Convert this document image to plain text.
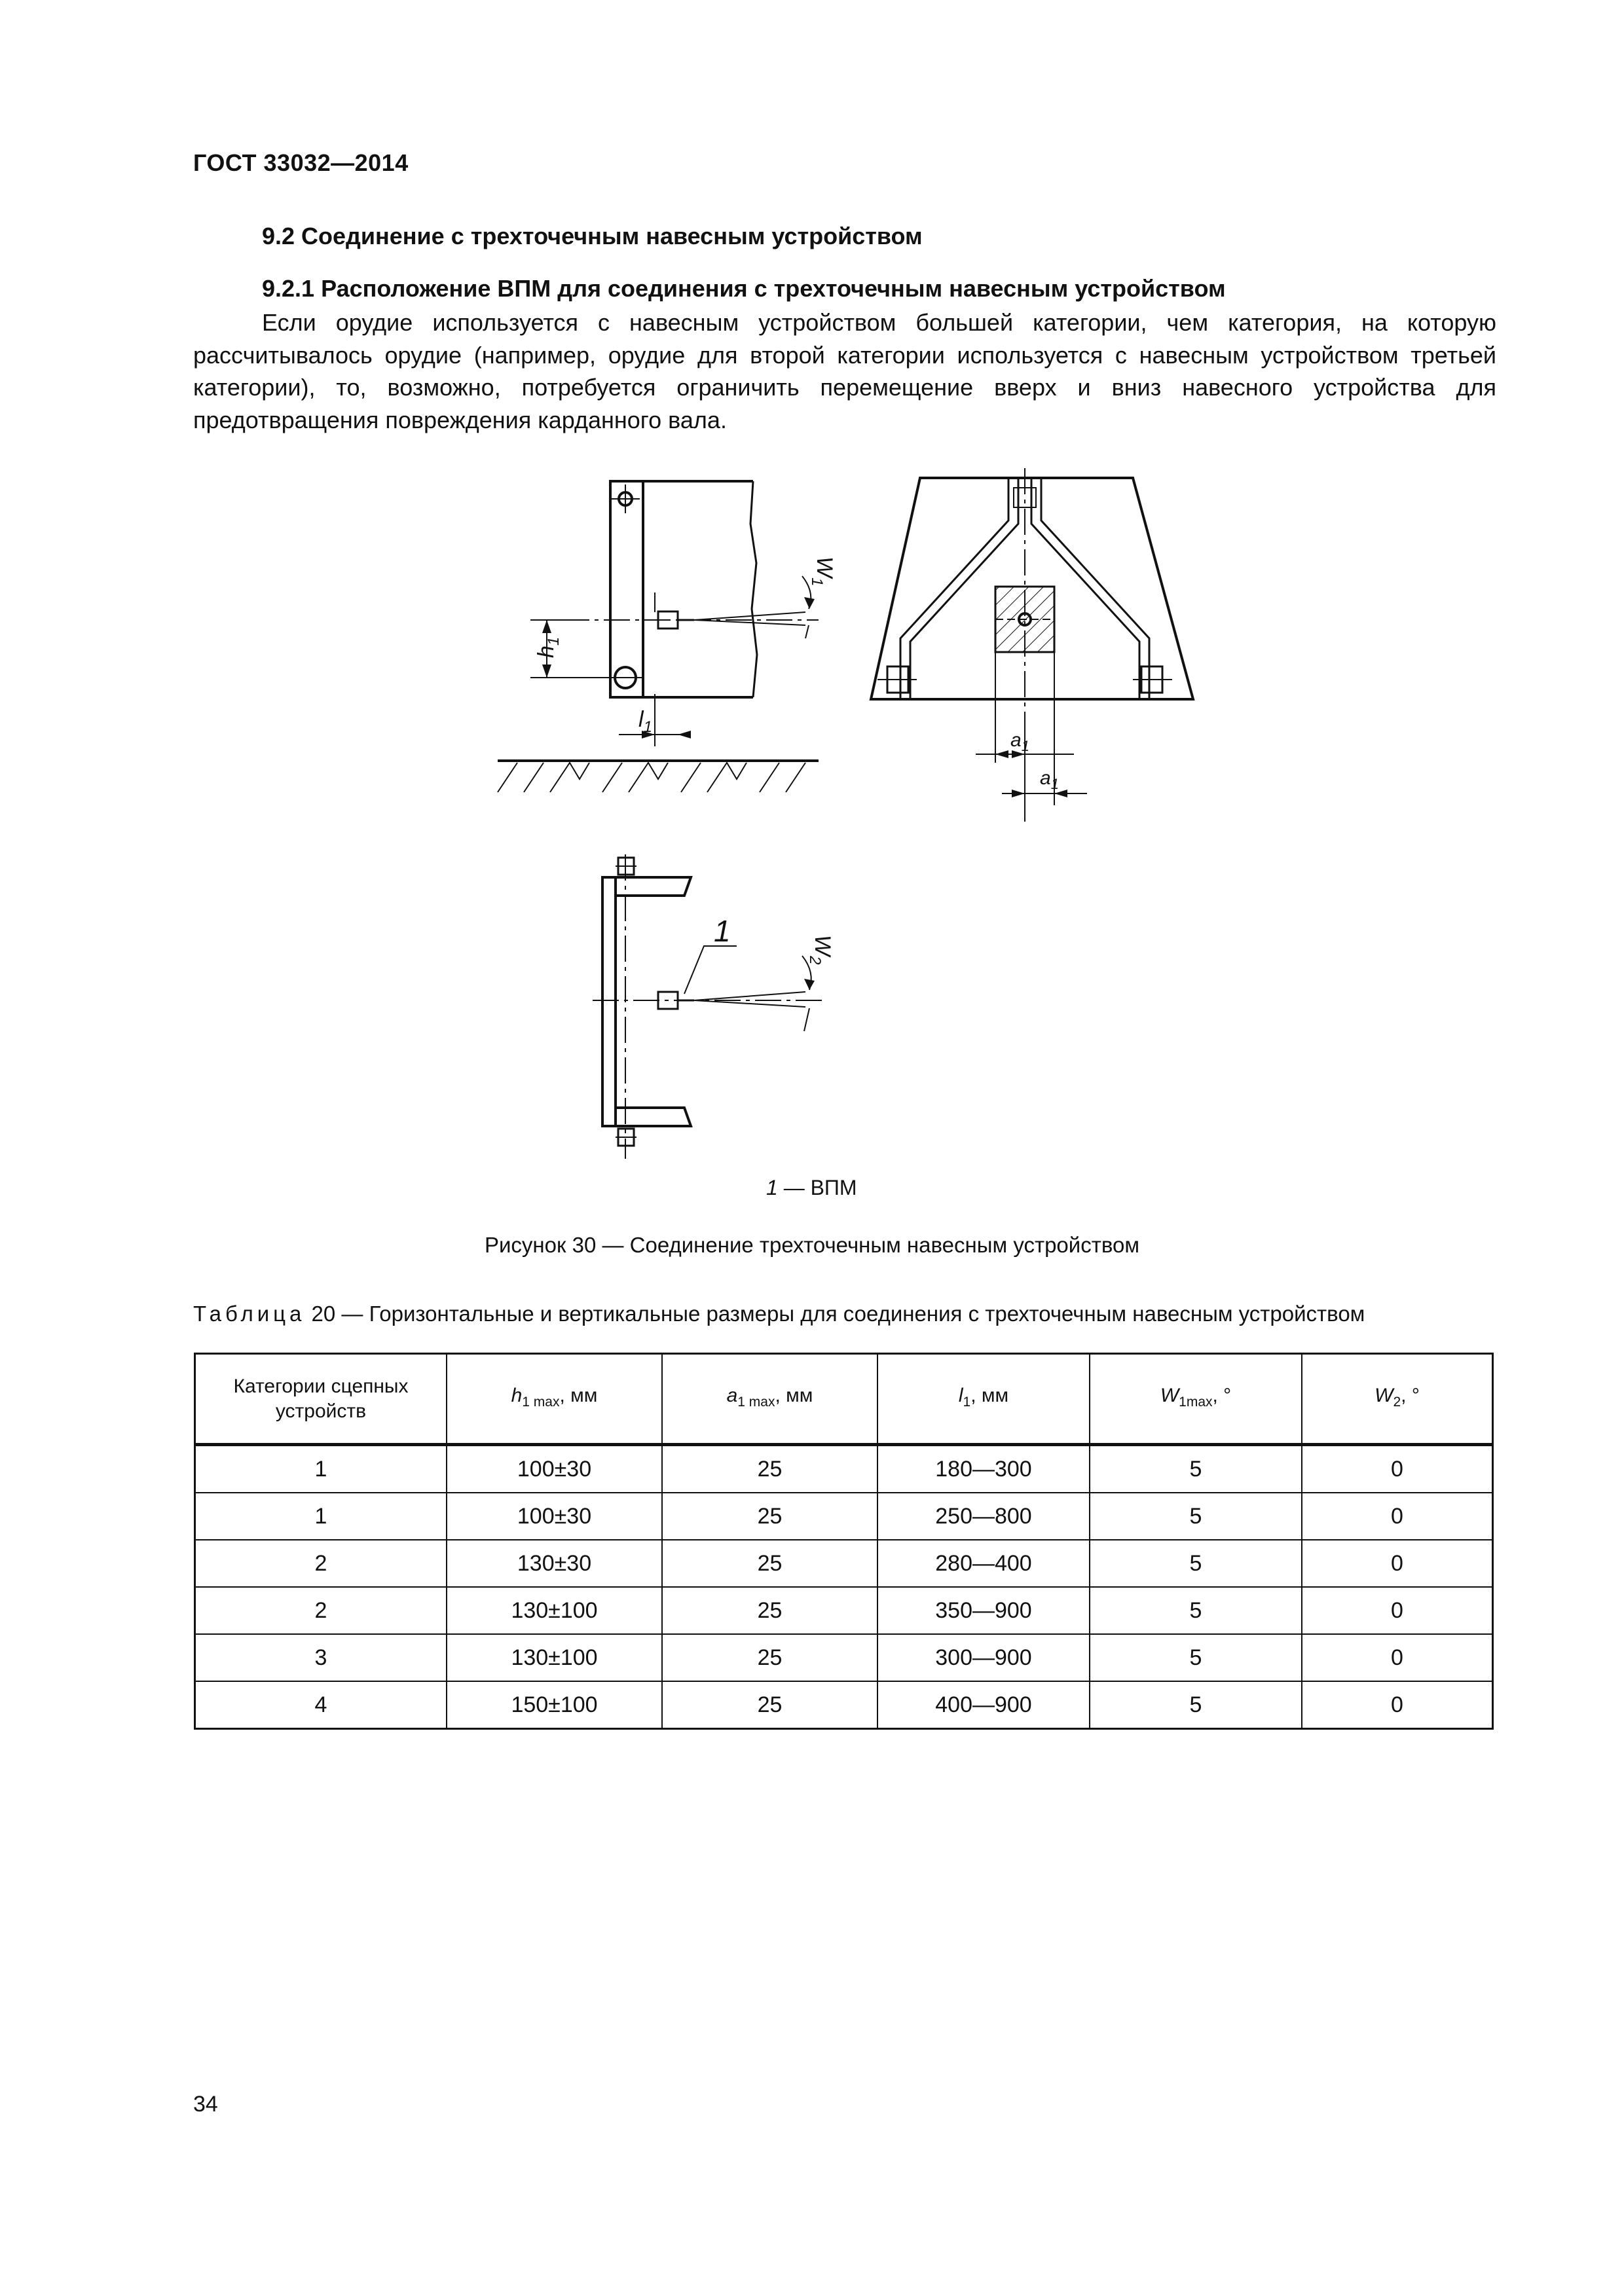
ГОСТ 33032—2014
9.2 Соединение с трехточечным навесным устройством
9.2.1 Расположение ВПМ для соединения с трехточечным навесным устройством
Если орудие используется с навесным устройством большей категории, чем категория, на которую рассчитывалось орудие (например, орудие для второй категории используется с навесным устройством третьей категории), то, возможно, потребуется ограничить перемещение вверх и вниз навесного устройства для предотвращения повреждения карданного вала.
$h_1$
$l_1$
$W_1$
$a_1$
$a_1$
1	$W_2$
1 — ВПМ
Рисунок 30 — Соединение трехточечным навесным устройством
Таблица 20 — Горизонтальные и вертикальные размеры для соединения с трехточечным навесным устройством
Категории сцепных устройств	$h_{1 max}$, мм	$a_{1 max}$, мм	$l_1$, мм	$W_{1max}$, °	$W_2$, °
1	100±30	25	180—300	5	0
1	100±30	25	250—800	5	0
2	130±30	25	280—400	5	0
2	130±100	25	350—900	5	0
3	130±100	25	300—900	5	0
4	150±100	25	400—900	5	0
34
